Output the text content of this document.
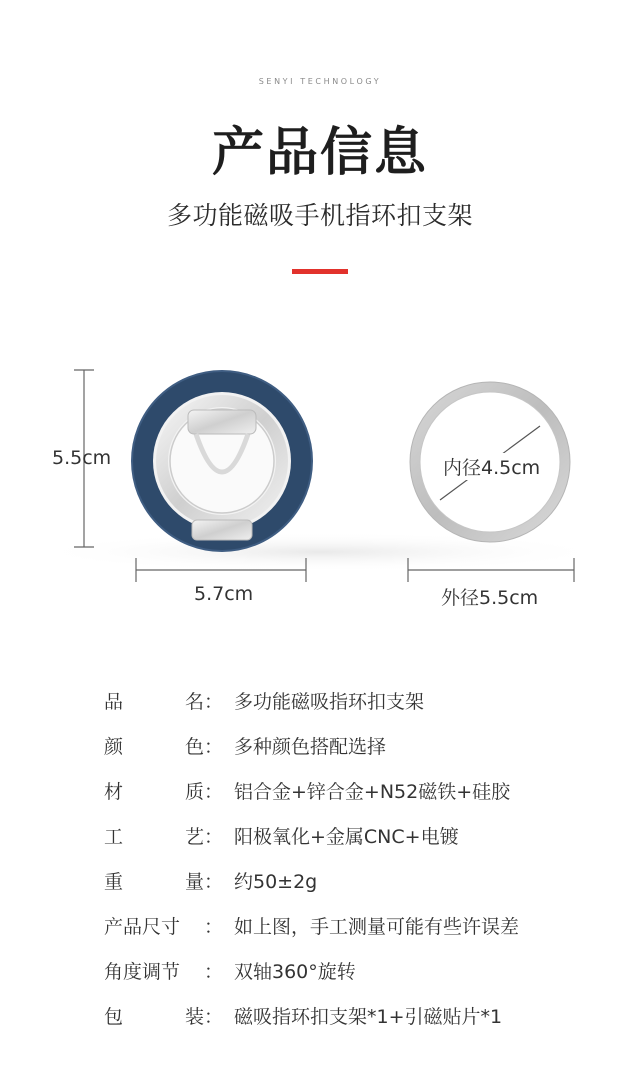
SENYI TECHNOLOGY
产品信息
多功能磁吸手机指环扣支架
5.5cm
5.7cm
内径4.5cm
外径5.5cm
品	名 ： 多功能磁吸指环扣支架
颜	色 ： 多种颜色搭配选择
材	质 ： 铝合金+锌合金+N52磁铁+硅胶
工	艺 ： 阳极氧化+金属CNC+电镀
重	量 ： 约50±2g
产品尺寸 ： 如上图，手工测量可能有些许误差
角度调节 ： 双轴360°旋转
包	装 ： 磁吸指环扣支架*1+引磁贴片*1
